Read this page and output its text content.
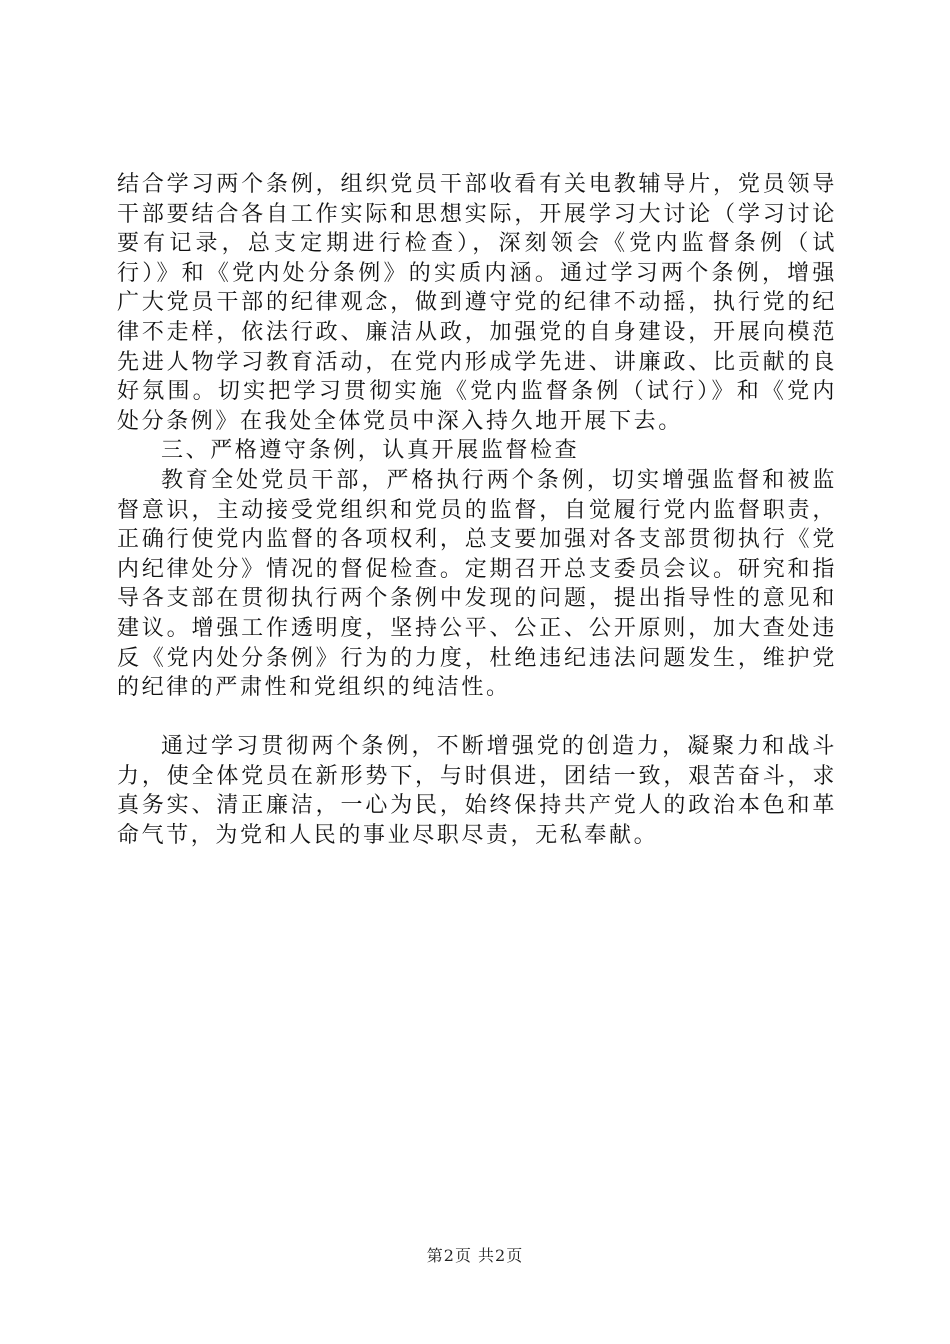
结合学习两个条例，组织党员干部收看有关电教辅导片，党员领导干部要结合各自工作实际和思想实际，开展学习大讨论（学习讨论要有记录，总支定期进行检查），深刻领会《党内监督条例（试行）》和《党内处分条例》的实质内涵。通过学习两个条例，增强广大党员干部的纪律观念，做到遵守党的纪律不动摇，执行党的纪律不走样，依法行政、廉洁从政，加强党的自身建设，开展向模范先进人物学习教育活动，在党内形成学先进、讲廉政、比贡献的良好氛围。切实把学习贯彻实施《党内监督条例（试行）》和《党内处分条例》在我处全体党员中深入持久地开展下去。

三、严格遵守条例，认真开展监督检查

教育全处党员干部，严格执行两个条例，切实增强监督和被监督意识，主动接受党组织和党员的监督，自觉履行党内监督职责，正确行使党内监督的各项权利，总支要加强对各支部贯彻执行《党内纪律处分》情况的督促检查。定期召开总支委员会议。研究和指导各支部在贯彻执行两个条例中发现的问题，提出指导性的意见和建议。增强工作透明度，坚持公平、公正、公开原则，加大查处违反《党内处分条例》行为的力度，杜绝违纪违法问题发生，维护党的纪律的严肃性和党组织的纯洁性。

通过学习贯彻两个条例，不断增强党的创造力，凝聚力和战斗力，使全体党员在新形势下，与时俱进，团结一致，艰苦奋斗，求真务实、清正廉洁，一心为民，始终保持共产党人的政治本色和革命气节，为党和人民的事业尽职尽责，无私奉献。

第2页 共2页
